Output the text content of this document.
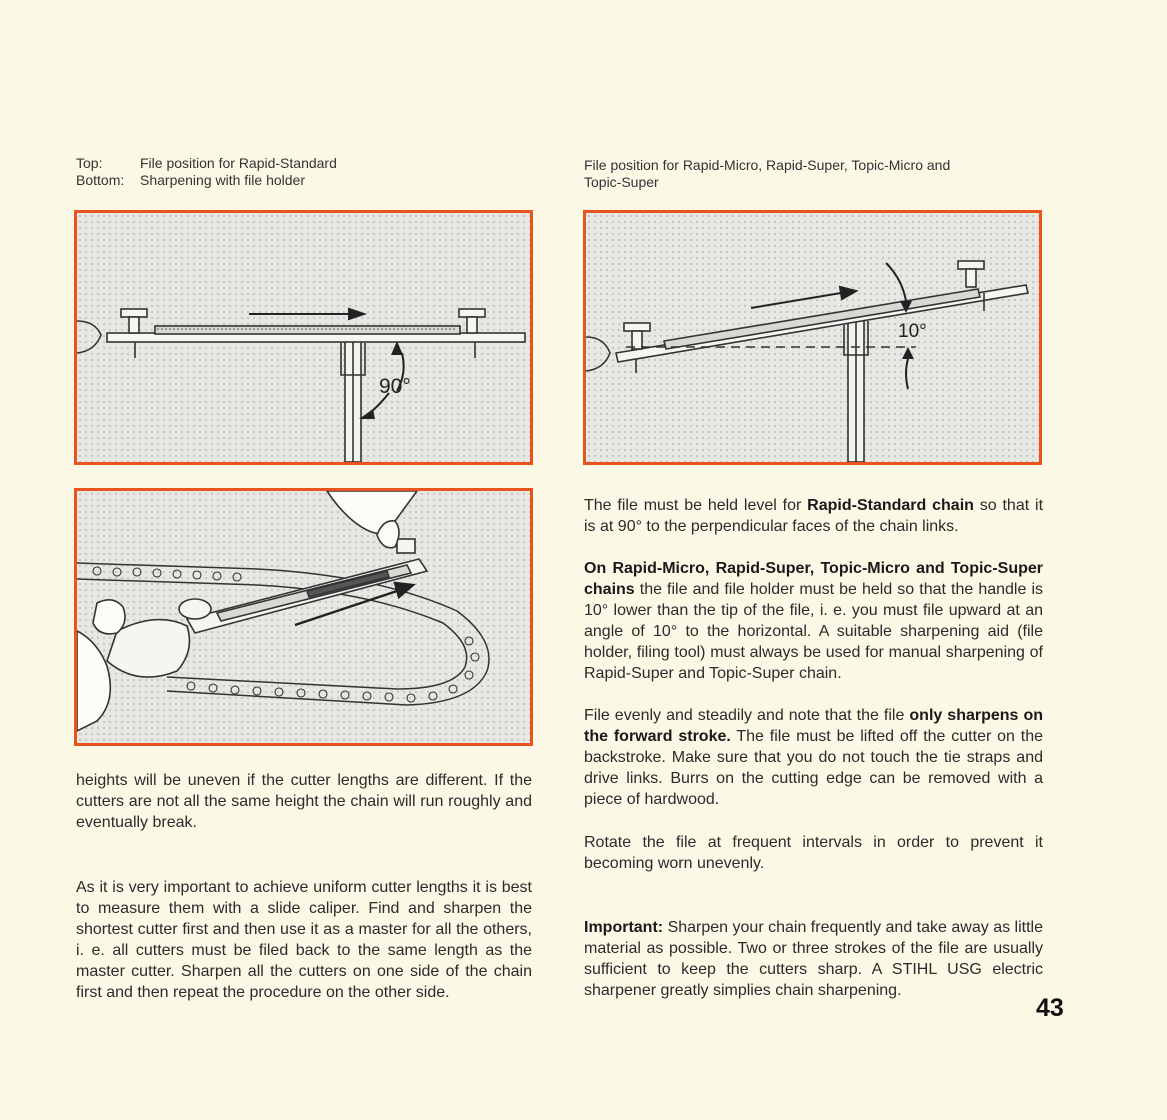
Top:	File position for Rapid-Standard
Bottom:	Sharpening with file holder
File position for Rapid-Micro, Rapid-Super, Topic-Micro and
Topic-Super
90°
10°
heights will be uneven if the cutter lengths are different. If the cutters are not all the same height the chain will run roughly and eventually break.
As it is very important to achieve uniform cutter lengths it is best to measure them with a slide caliper. Find and sharpen the shortest cutter first and then use it as a master for all the others, i. e. all cutters must be filed back to the same length as the master cutter. Sharpen all the cutters on one side of the chain first and then repeat the procedure on the other side.
The file must be held level for Rapid-Standard chain so that it is at 90° to the perpendicular faces of the chain links.
On Rapid-Micro, Rapid-Super, Topic-Micro and Topic-Super chains the file and file holder must be held so that the handle is 10° lower than the tip of the file, i. e. you must file upward at an angle of 10° to the horizontal. A suitable sharpening aid (file holder, filing tool) must always be used for manual sharpening of Rapid-Super and Topic-Super chain.
File evenly and steadily and note that the file only sharpens on the forward stroke. The file must be lifted off the cutter on the backstroke. Make sure that you do not touch the tie straps and drive links. Burrs on the cutting edge can be removed with a piece of hardwood.
Rotate the file at frequent intervals in order to prevent it becoming worn unevenly.
Important: Sharpen your chain frequently and take away as little material as possible. Two or three strokes of the file are usually sufficient to keep the cutters sharp. A STIHL USG electric sharpener greatly simplies chain sharpening.
43
